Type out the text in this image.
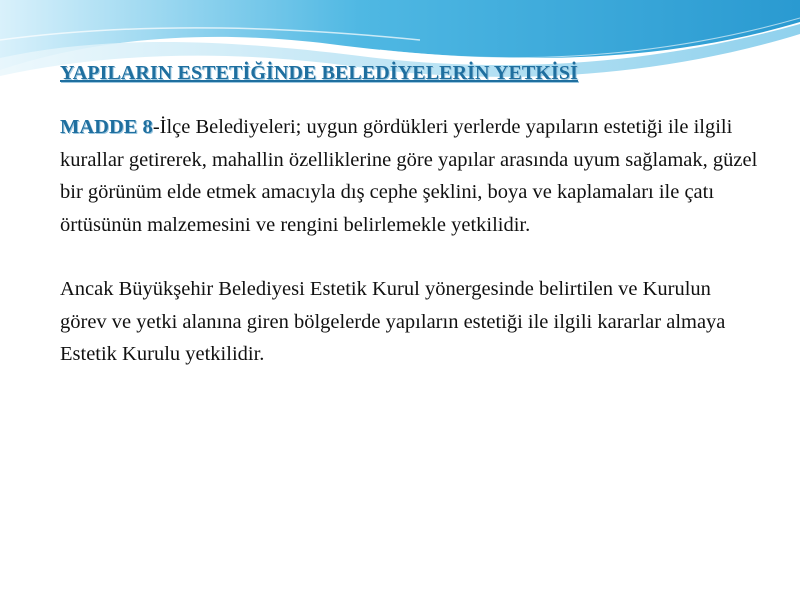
YAPILARIN ESTETİĞİNDE BELEDİYELERİN YETKİSİ

MADDE 8-İlçe Belediyeleri; uygun gördükleri yerlerde yapıların estetiği ile ilgili kurallar getirerek, mahallin özelliklerine göre yapılar arasında uyum sağlamak, güzel bir görünüm elde etmek amacıyla dış cephe şeklini, boya ve kaplamaları ile çatı örtüsünün malzemesini ve rengini belirlemekle yetkilidir.

Ancak Büyükşehir Belediyesi Estetik Kurul yönergesinde belirtilen ve Kurulun görev ve yetki alanına giren bölgelerde yapıların estetiği ile ilgili kararlar almaya Estetik Kurulu yetkilidir.
